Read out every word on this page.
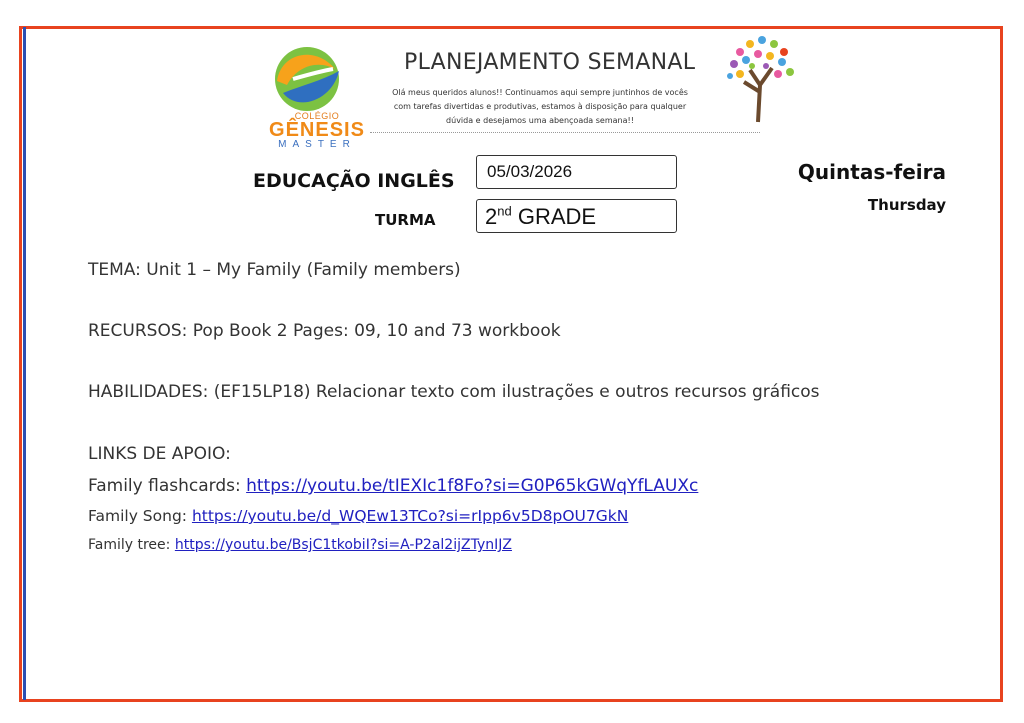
COLÉGIO
GÊNESIS
MASTER
PLANEJAMENTO SEMANAL
Olá meus queridos alunos!! Continuamos aqui sempre juntinhos de vocês
com tarefas divertidas e produtivas, estamos à disposição para qualquer
dúvida e desejamos uma abençoada semana!!
EDUCAÇÃO INGLÊS
TURMA
05/03/2026
2nd GRADE
Quintas-feira
Thursday
TEMA: Unit 1 – My Family (Family members)
RECURSOS: Pop Book 2 Pages: 09, 10 and 73 workbook
HABILIDADES: (EF15LP18) Relacionar texto com ilustrações e outros recursos gráficos
LINKS DE APOIO:
Family flashcards: https://youtu.be/tIEXIc1f8Fo?si=G0P65kGWqYfLAUXc
Family Song: https://youtu.be/d_WQEw13TCo?si=rIpp6v5D8pOU7GkN
Family tree: https://youtu.be/BsjC1tkobiI?si=A-P2al2ijZTynIJZ
